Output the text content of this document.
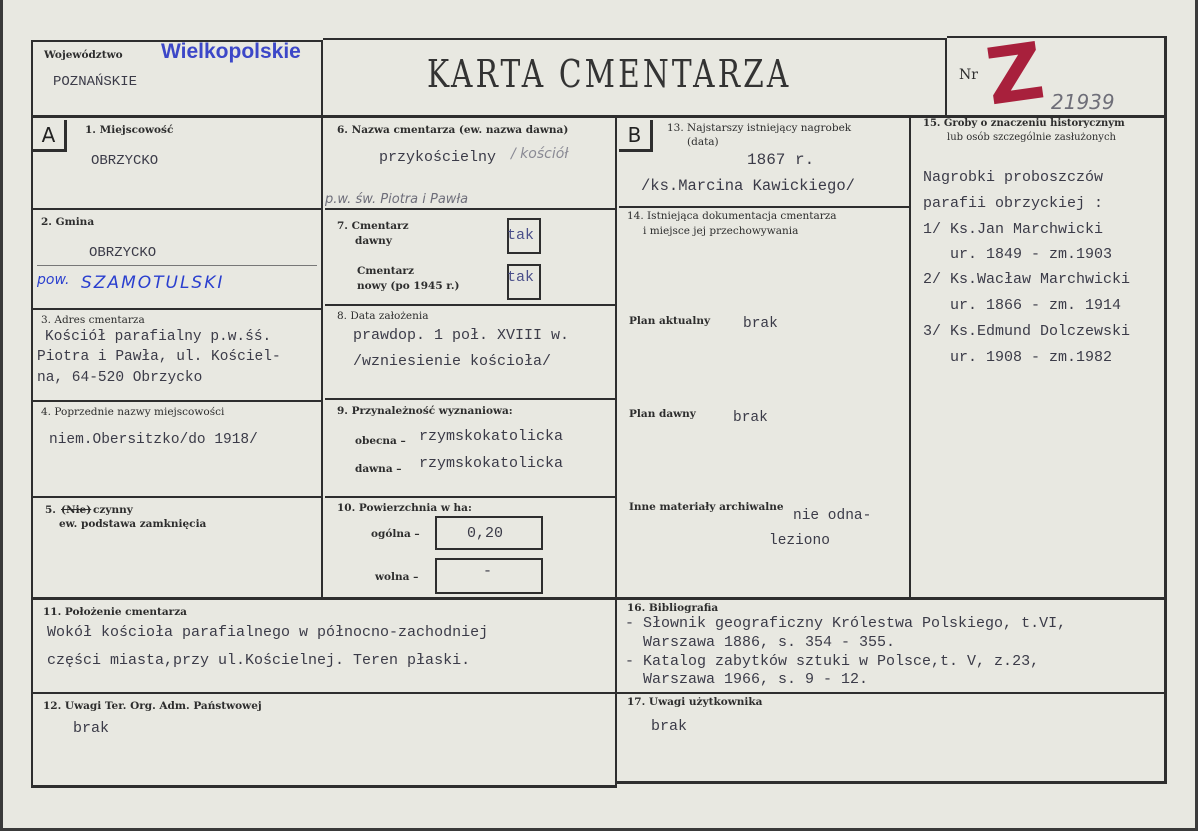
Województwo
POZNAŃSKIE
Wielkopolskie
KARTA CMENTARZA	Nr Z 21939
A	1. Miejscowość
OBRZYCKO
2. Gmina
OBRZYCKO
pow. SZAMOTULSKI
3. Adres cmentarza
Kościół parafialny p.w.śś.
Piotra i Pawła, ul. Kościel-
na, 64-520 Obrzycko
4. Poprzednie nazwy miejscowości
niem.Obersitzko/do 1918/
5. (Nie) czynny
ew. podstawa zamknięcia
6. Nazwa cmentarza (ew. nazwa dawna)
przykościelny / kościół
p.w. św. Piotra i Pawła
7. Cmentarz
dawny	tak
Cmentarz
nowy (po 1945 r.)	tak
8. Data założenia
prawdop. 1 poł. XVIII w.
/wzniesienie kościoła/
9. Przynależność wyznaniowa:
obecna – rzymskokatolicka
dawna – rzymskokatolicka
10. Powierzchnia w ha:
ogólna –	0,20
wolna –	-
B	13. Najstarszy istniejący nagrobek
(data)
1867 r.
/ks.Marcina Kawickiego/
14. Istniejąca dokumentacja cmentarza
i miejsce jej przechowywania
Plan aktualny brak
Plan dawny	brak
Inne materiały archiwalne
nie odna-
leziono
15. Groby o znaczeniu historycznym
lub osób szczególnie zasłużonych
Nagrobki proboszczów
parafii obrzyckiej :
1/ Ks.Jan Marchwicki
ur. 1849 - zm.1903
2/ Ks.Wacław Marchwicki
ur. 1866 - zm. 1914
3/ Ks.Edmund Dolczewski
ur. 1908 - zm.1982
11. Położenie cmentarza
Wokół kościoła parafialnego w północno-zachodniej
części miasta,przy ul.Kościelnej. Teren płaski.
16. Bibliografia
- Słownik geograficzny Królestwa Polskiego, t.VI,
Warszawa 1886, s. 354 - 355.
- Katalog zabytków sztuki w Polsce,t. V, z.23,
Warszawa 1966, s. 9 - 12.
12. Uwagi Ter. Org. Adm. Państwowej
brak
17. Uwagi użytkownika
brak
